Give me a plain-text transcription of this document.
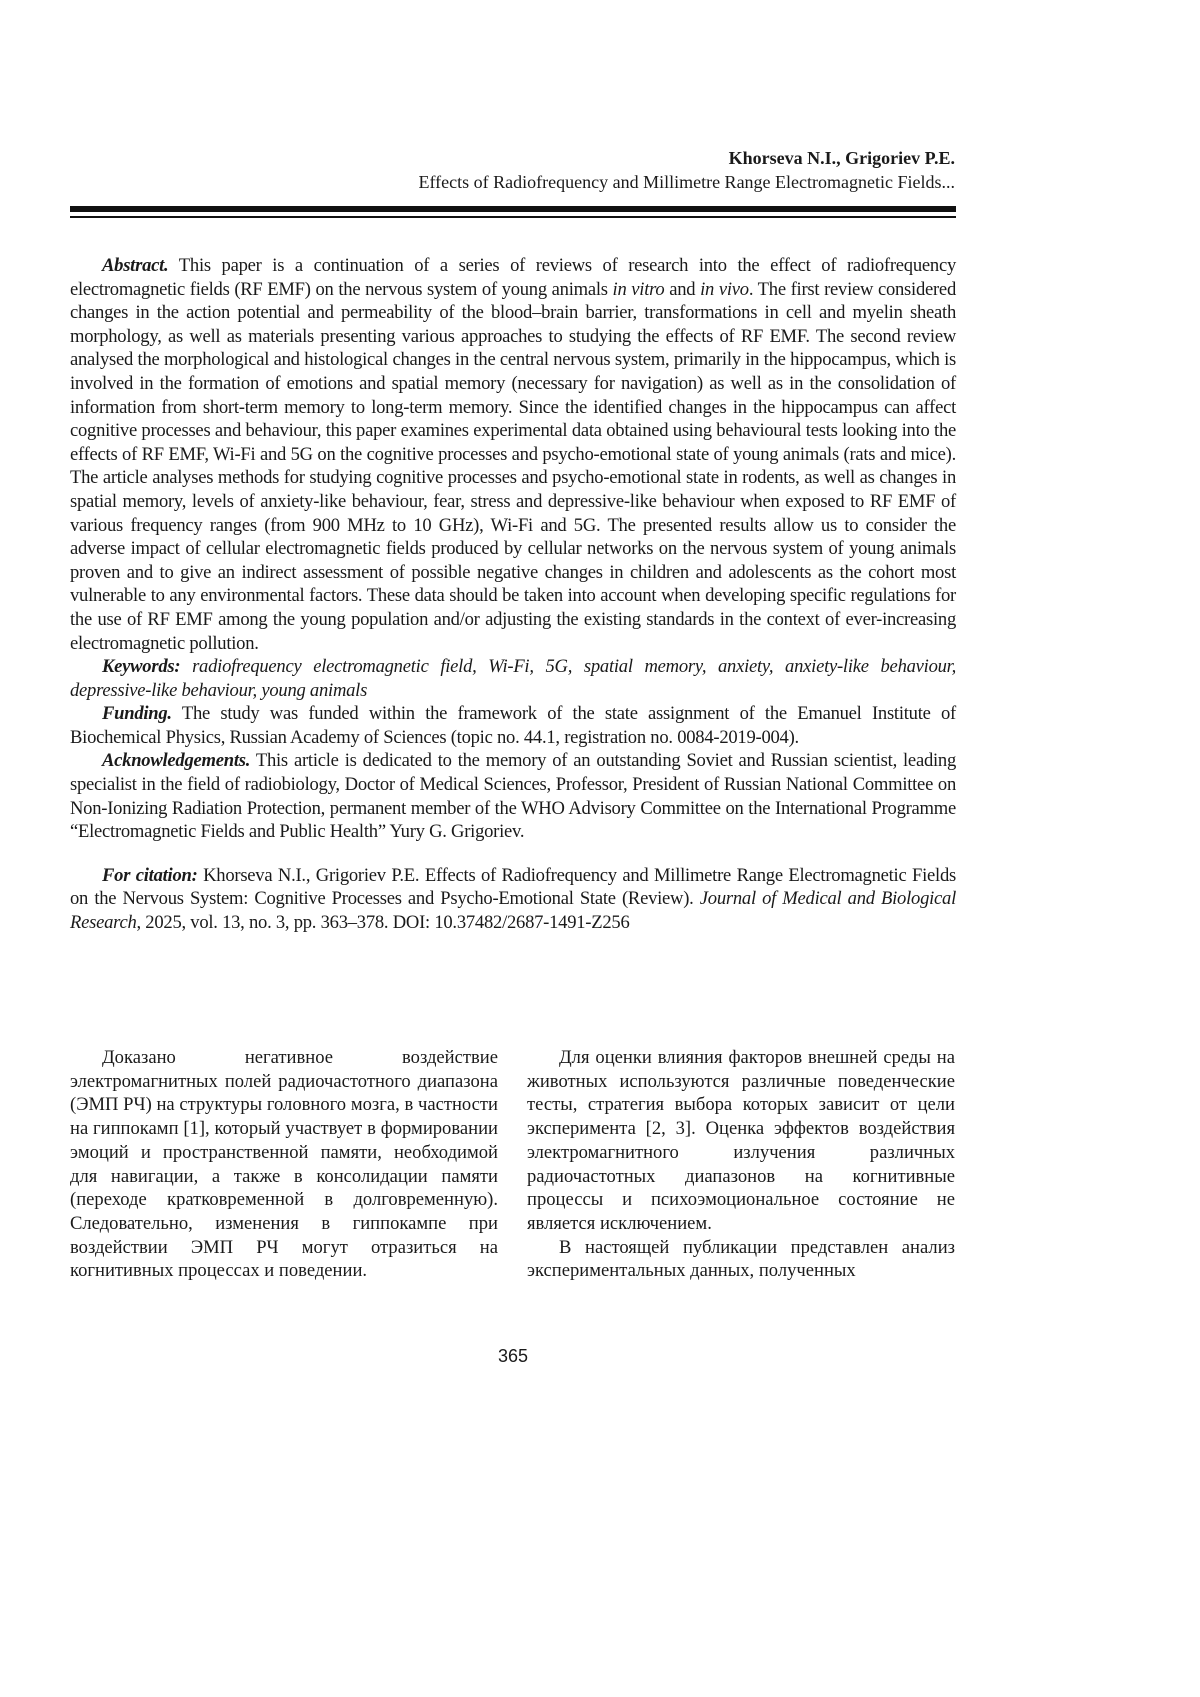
Khorseva N.I., Grigoriev P.E.
Effects of Radiofrequency and Millimetre Range Electromagnetic Fields...

Abstract. This paper is a continuation of a series of reviews of research into the effect of radiofrequency electromagnetic fields (RF EMF) on the nervous system of young animals in vitro and in vivo. The first review considered changes in the action potential and permeability of the blood–brain barrier, transformations in cell and myelin sheath morphology, as well as materials presenting various approaches to studying the effects of RF EMF. The second review analysed the morphological and histological changes in the central nervous system, primarily in the hippocampus, which is involved in the formation of emotions and spatial memory (necessary for navigation) as well as in the consolidation of information from short-term memory to long-term memory. Since the identified changes in the hippocampus can affect cognitive processes and behaviour, this paper examines experimental data obtained using behavioural tests looking into the effects of RF EMF, Wi-Fi and 5G on the cognitive processes and psycho-emotional state of young animals (rats and mice). The article analyses methods for studying cognitive processes and psycho-emotional state in rodents, as well as changes in spatial memory, levels of anxiety-like behaviour, fear, stress and depressive-like behaviour when exposed to RF EMF of various frequency ranges (from 900 MHz to 10 GHz), Wi-Fi and 5G. The presented results allow us to consider the adverse impact of cellular electromagnetic fields produced by cellular networks on the nervous system of young animals proven and to give an indirect assessment of possible negative changes in children and adolescents as the cohort most vulnerable to any environmental factors. These data should be taken into account when developing specific regulations for the use of RF EMF among the young population and/or adjusting the existing standards in the context of ever-increasing electromagnetic pollution.

Keywords: radiofrequency electromagnetic field, Wi-Fi, 5G, spatial memory, anxiety, anxiety-like behaviour, depressive-like behaviour, young animals

Funding. The study was funded within the framework of the state assignment of the Emanuel Institute of Biochemical Physics, Russian Academy of Sciences (topic no. 44.1, registration no. 0084-2019-004).

Acknowledgements. This article is dedicated to the memory of an outstanding Soviet and Russian scientist, leading specialist in the field of radiobiology, Doctor of Medical Sciences, Professor, President of Russian National Committee on Non-Ionizing Radiation Protection, permanent member of the WHO Advisory Committee on the International Programme “Electromagnetic Fields and Public Health” Yury G. Grigoriev.

For citation: Khorseva N.I., Grigoriev P.E. Effects of Radiofrequency and Millimetre Range Electromagnetic Fields on the Nervous System: Cognitive Processes and Psycho-Emotional State (Review). Journal of Medical and Biological Research, 2025, vol. 13, no. 3, pp. 363–378. DOI: 10.37482/2687-1491-Z256

Доказано негативное воздействие электромагнитных полей радиочастотного диапазона (ЭМП РЧ) на структуры головного мозга, в частности на гиппокамп [1], который участвует в формировании эмоций и пространственной памяти, необходимой для навигации, а также в консолидации памяти (переходе кратковременной в долговременную). Следовательно, изменения в гиппокампе при воздействии ЭМП РЧ могут отразиться на когнитивных процессах и поведении.

Для оценки влияния факторов внешней среды на животных используются различные поведенческие тесты, стратегия выбора которых зависит от цели эксперимента [2, 3]. Оценка эффектов воздействия электромагнитного излучения различных радиочастотных диапазонов на когнитивные процессы и психоэмоциональное состояние не является исключением.

В настоящей публикации представлен анализ экспериментальных данных, полученных

365
